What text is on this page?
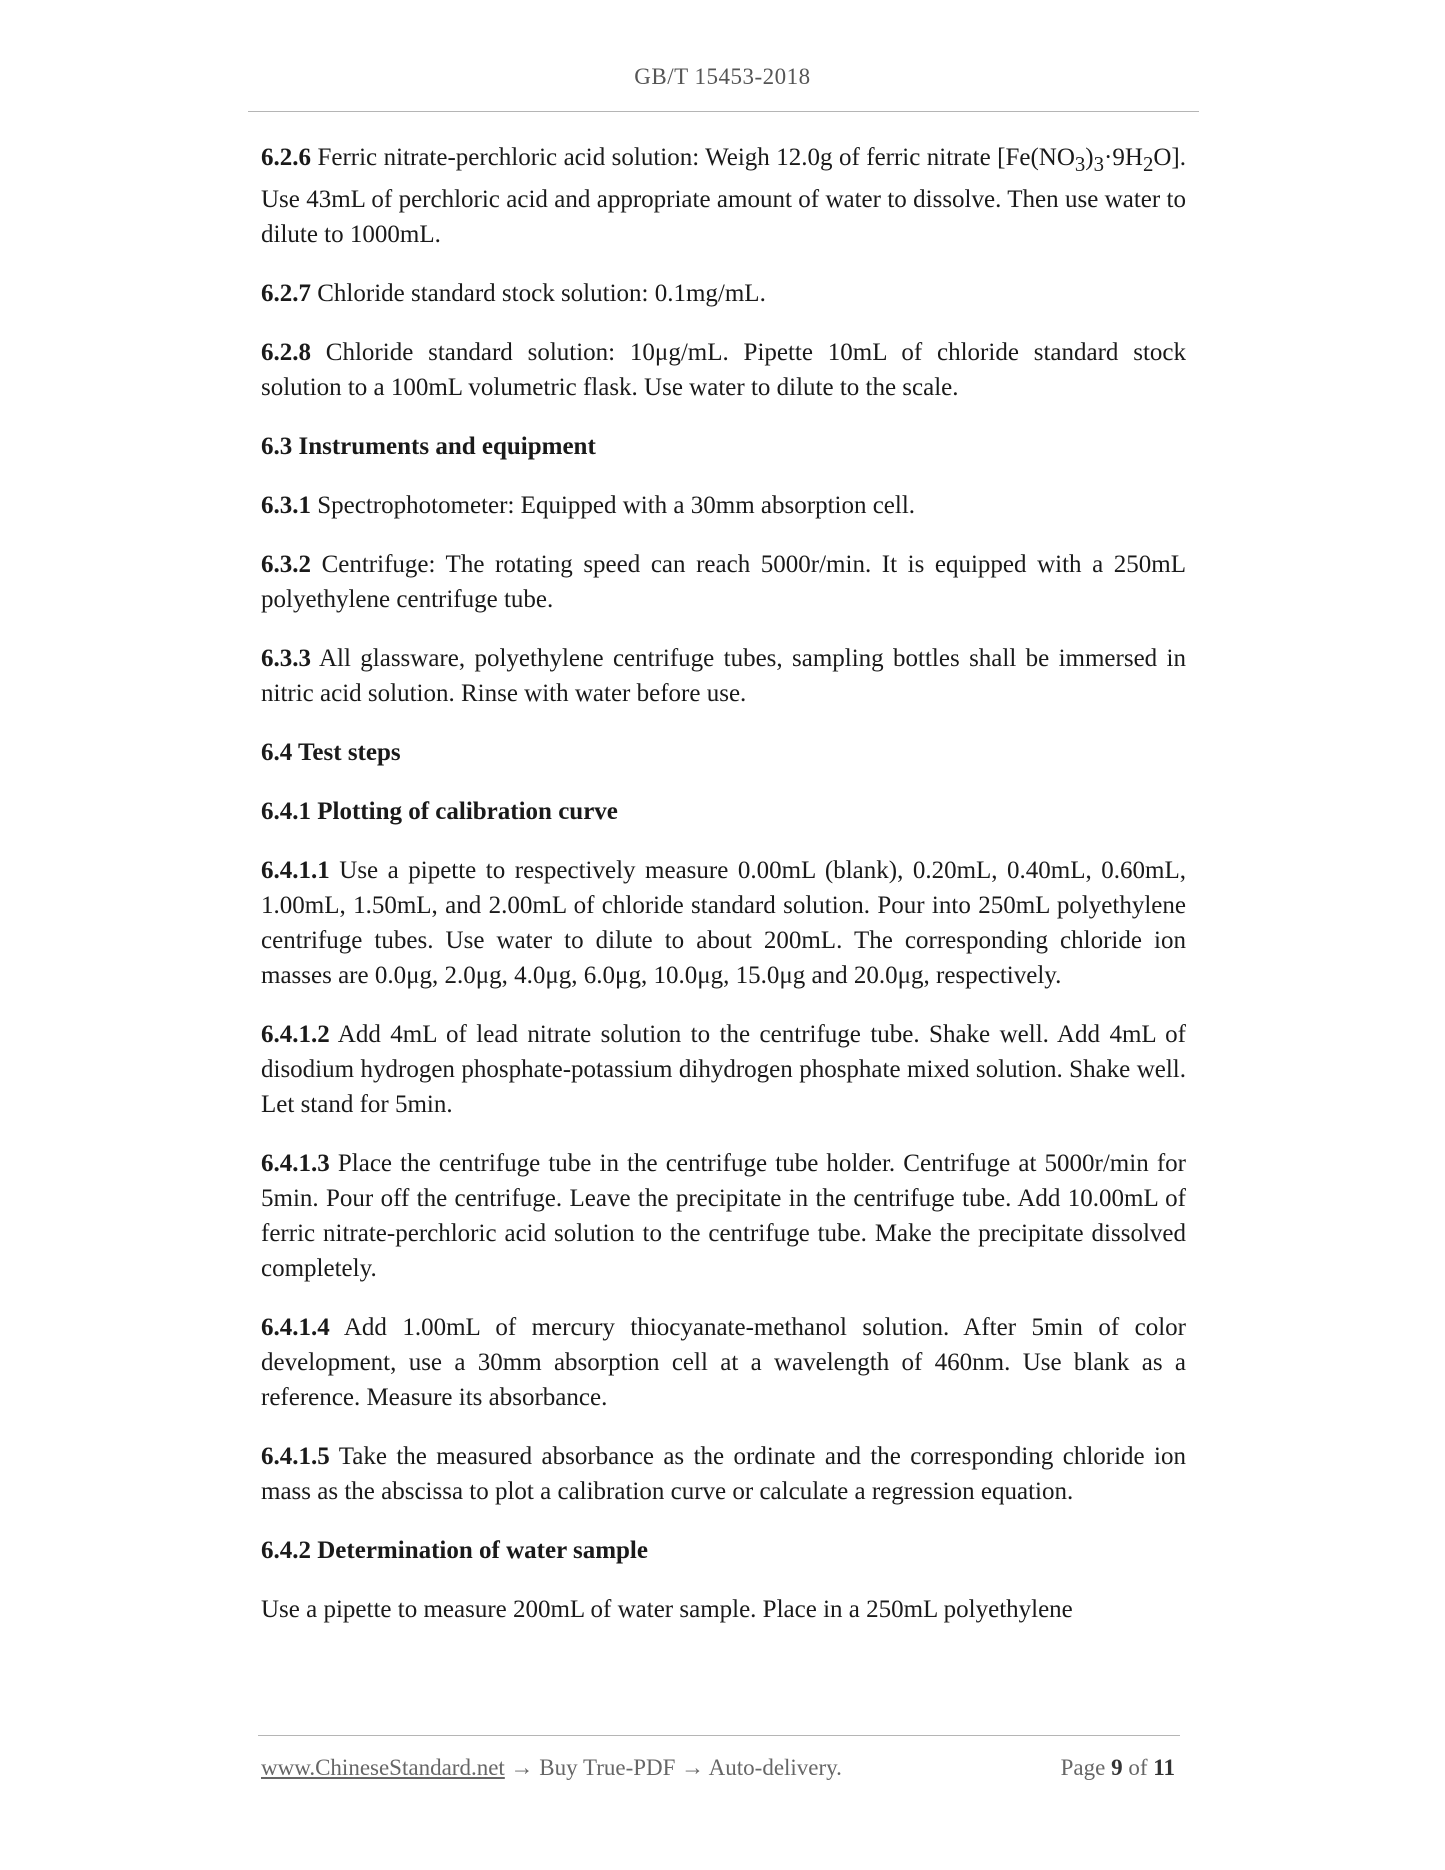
GB/T 15453-2018

6.2.6 Ferric nitrate-perchloric acid solution: Weigh 12.0g of ferric nitrate $[Fe(NO_3)_3\cdot 9H_2O]$. Use 43mL of perchloric acid and appropriate amount of water to dissolve. Then use water to dilute to 1000mL.

6.2.7 Chloride standard stock solution: 0.1mg/mL.

6.2.8 Chloride standard solution: 10μg/mL. Pipette 10mL of chloride standard stock solution to a 100mL volumetric flask. Use water to dilute to the scale.

6.3 Instruments and equipment

6.3.1 Spectrophotometer: Equipped with a 30mm absorption cell.

6.3.2 Centrifuge: The rotating speed can reach 5000r/min. It is equipped with a 250mL polyethylene centrifuge tube.

6.3.3 All glassware, polyethylene centrifuge tubes, sampling bottles shall be immersed in nitric acid solution. Rinse with water before use.

6.4 Test steps

6.4.1 Plotting of calibration curve

6.4.1.1 Use a pipette to respectively measure 0.00mL (blank), 0.20mL, 0.40mL, 0.60mL, 1.00mL, 1.50mL, and 2.00mL of chloride standard solution. Pour into 250mL polyethylene centrifuge tubes. Use water to dilute to about 200mL. The corresponding chloride ion masses are 0.0μg, 2.0μg, 4.0μg, 6.0μg, 10.0μg, 15.0μg and 20.0μg, respectively.

6.4.1.2 Add 4mL of lead nitrate solution to the centrifuge tube. Shake well. Add 4mL of disodium hydrogen phosphate-potassium dihydrogen phosphate mixed solution. Shake well. Let stand for 5min.

6.4.1.3 Place the centrifuge tube in the centrifuge tube holder. Centrifuge at 5000r/min for 5min. Pour off the centrifuge. Leave the precipitate in the centrifuge tube. Add 10.00mL of ferric nitrate-perchloric acid solution to the centrifuge tube. Make the precipitate dissolved completely.

6.4.1.4 Add 1.00mL of mercury thiocyanate-methanol solution. After 5min of color development, use a 30mm absorption cell at a wavelength of 460nm. Use blank as a reference. Measure its absorbance.

6.4.1.5 Take the measured absorbance as the ordinate and the corresponding chloride ion mass as the abscissa to plot a calibration curve or calculate a regression equation.

6.4.2 Determination of water sample

Use a pipette to measure 200mL of water sample. Place in a 250mL polyethylene

www.ChineseStandard.net → Buy True-PDF → Auto-delivery.	Page 9 of 11
